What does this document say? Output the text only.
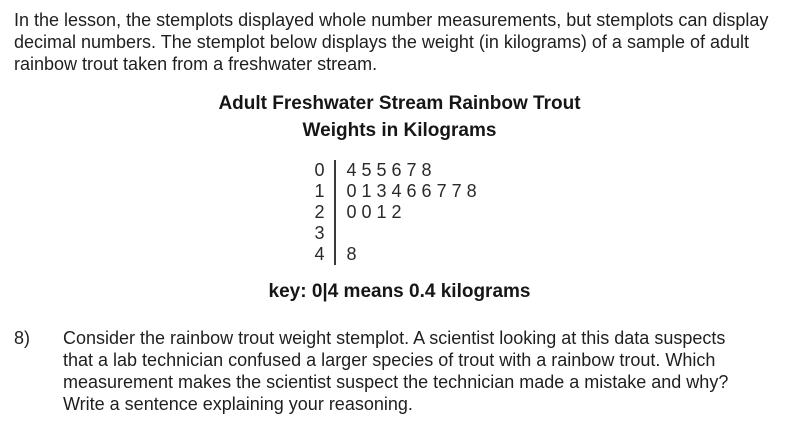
In the lesson, the stemplots displayed whole number measurements, but stemplots can display decimal numbers. The stemplot below displays the weight (in kilograms) of a sample of adult rainbow trout taken from a freshwater stream.

Adult Freshwater Stream Rainbow Trout
Weights in Kilograms
0	4 5 5 6 7 8
1	0 1 3 4 6 6 7 7 8
2	0 0 1 2
3
4	8
key: 0|4 means 0.4 kilograms
8)	Consider the rainbow trout weight stemplot. A scientist looking at this data suspects that a lab technician confused a larger species of trout with a rainbow trout. Which measurement makes the scientist suspect the technician made a mistake and why? Write a sentence explaining your reasoning.
